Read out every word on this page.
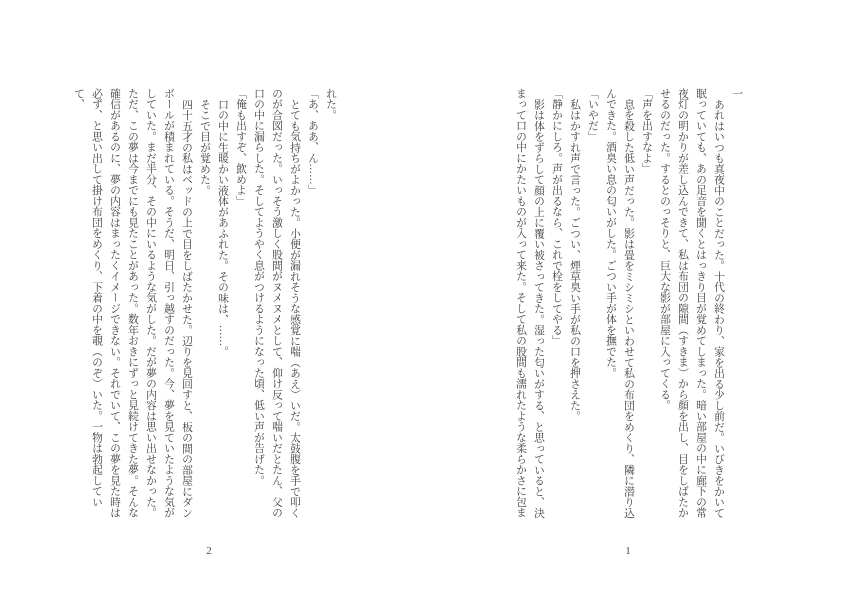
一

あれはいつも真夜中のことだった。十代の終わり、家を出る少し前だ。いびきをかいて眠っていても、あの足音を聞くとはっきり目が覚めてしまった。暗い部屋の中に廊下の常夜灯の明かりが差し込んできて、私は布団の隙間（すきま）から顔を出し、目をしばたかせるのだった。するとのっそりと、巨大な影が部屋に入ってくる。

「声を出すなよ」

息を殺した低い声だった。影は畳をミシミシといわせて私の布団をめくり、隣に潜り込んできた。酒臭い息の匂いがした。ごつい手が体を撫でた。

「いやだ」

私はかすれ声で言った。ごつい、煙草臭い手が私の口を押さえた。

「静かにしろ。声が出るなら、これで栓をしてやる」

影は体をずらして顔の上に覆い被さってきた。湿った匂いがする、と思っていると、決まって口の中にかたいものが入って来た。そして私の股間も濡れたような柔らかさに包ま

1

れた。

「あ、ああ、ん……」

とても気持ちがよかった。小便が漏れそうな感覚に喘（あえ）いだ。太鼓腹を手で叩くのが合図だった。いっそう激しく股間がヌメヌメとして、仰け反って喘いだとたん、父の口の中に漏らした。そしてようやく息がつけるようになった頃、低い声が告げた。

「俺も出すぞ、飲めよ」

口の中に生暖かい液体があふれた。その味は、……。

そこで目が覚めた。

四十五才の私はベッドの上で目をしばたかせた。辺りを見回すと、板の間の部屋にダンボールが積まれている。そうだ、明日、引っ越すのだった。今、夢を見ていたような気がしていた。まだ半分、その中にいるような気がした。だが夢の内容は思い出せなかった。ただ、この夢は今までにも見たことがあった。数年おきにずっと見続けてきた夢。そんな確信があるのに、夢の内容はまったくイメージできない。それでいて、この夢を見た時は必ず、と思い出して掛け布団をめくり、下着の中を覗（のぞ）いた。一物は勃起していて、

2
